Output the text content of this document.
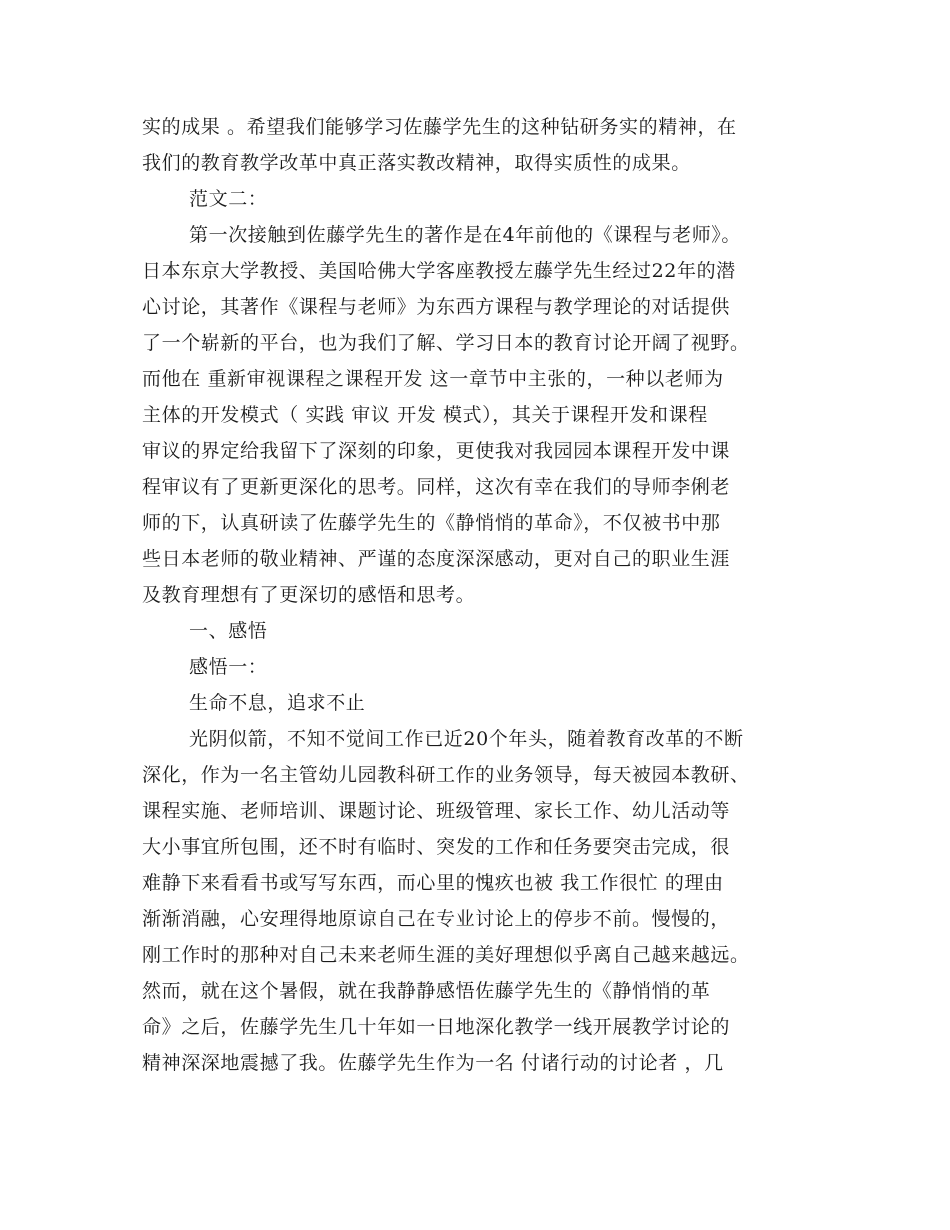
实的成果 。希望我们能够学习佐藤学先生的这种钻研务实的精神，在
我们的教育教学改革中真正落实教改精神，取得实质性的成果。
范文二：
第一次接触到佐藤学先生的著作是在4年前他的《课程与老师》。
日本东京大学教授、美国哈佛大学客座教授左藤学先生经过22年的潜
心讨论，其著作《课程与老师》为东西方课程与教学理论的对话提供
了一个崭新的平台，也为我们了解、学习日本的教育讨论开阔了视野。
而他在 重新审视课程之课程开发 这一章节中主张的，一种以老师为
主体的开发模式（ 实践 审议 开发 模式），其关于课程开发和课程
审议的界定给我留下了深刻的印象，更使我对我园园本课程开发中课
程审议有了更新更深化的思考。同样，这次有幸在我们的导师李俐老
师的下，认真研读了佐藤学先生的《静悄悄的革命》，不仅被书中那
些日本老师的敬业精神、严谨的态度深深感动，更对自己的职业生涯
及教育理想有了更深切的感悟和思考。
一、感悟
感悟一：
生命不息，追求不止
光阴似箭，不知不觉间工作已近20个年头，随着教育改革的不断
深化，作为一名主管幼儿园教科研工作的业务领导，每天被园本教研、
课程实施、老师培训、课题讨论、班级管理、家长工作、幼儿活动等
大小事宜所包围，还不时有临时、突发的工作和任务要突击完成，很
难静下来看看书或写写东西，而心里的愧疚也被 我工作很忙 的理由
渐渐消融，心安理得地原谅自己在专业讨论上的停步不前。慢慢的，
刚工作时的那种对自己未来老师生涯的美好理想似乎离自己越来越远。
然而，就在这个暑假，就在我静静感悟佐藤学先生的《静悄悄的革
命》之后，佐藤学先生几十年如一日地深化教学一线开展教学讨论的
精神深深地震撼了我。佐藤学先生作为一名 付诸行动的讨论者 ，几
